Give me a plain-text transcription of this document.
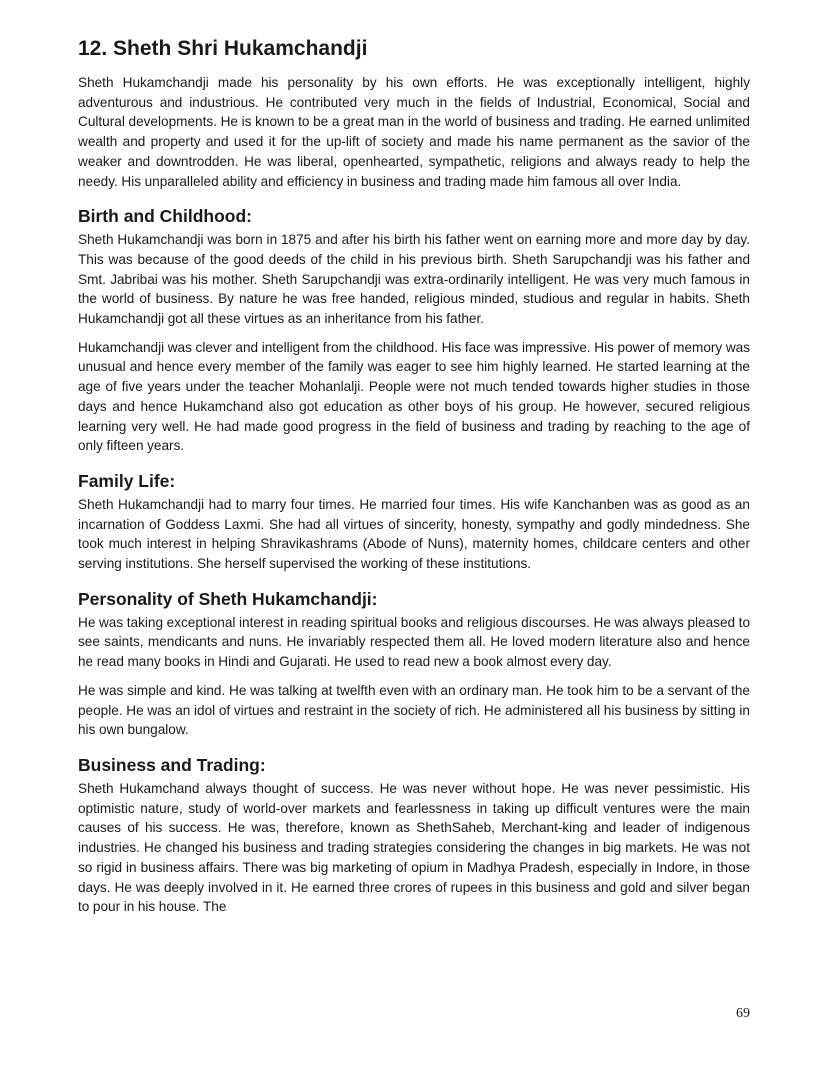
12. Sheth Shri Hukamchandji

Sheth Hukamchandji made his personality by his own efforts. He was exceptionally intelligent, highly adventurous and industrious. He contributed very much in the fields of Industrial, Economical, Social and Cultural developments. He is known to be a great man in the world of business and trading. He earned unlimited wealth and property and used it for the up-lift of society and made his name permanent as the savior of the weaker and downtrodden. He was liberal, openhearted, sympathetic, religions and always ready to help the needy. His unparalleled ability and efficiency in business and trading made him famous all over India.

Birth and Childhood:

Sheth Hukamchandji was born in 1875 and after his birth his father went on earning more and more day by day. This was because of the good deeds of the child in his previous birth. Sheth Sarupchandji was his father and Smt. Jabribai was his mother. Sheth Sarupchandji was extra-ordinarily intelligent. He was very much famous in the world of business. By nature he was free handed, religious minded, studious and regular in habits. Sheth Hukamchandji got all these virtues as an inheritance from his father.

Hukamchandji was clever and intelligent from the childhood. His face was impressive. His power of memory was unusual and hence every member of the family was eager to see him highly learned. He started learning at the age of five years under the teacher Mohanlalji. People were not much tended towards higher studies in those days and hence Hukamchand also got education as other boys of his group. He however, secured religious learning very well. He had made good progress in the field of business and trading by reaching to the age of only fifteen years.

Family Life:

Sheth Hukamchandji had to marry four times. He married four times. His wife Kanchanben was as good as an incarnation of Goddess Laxmi. She had all virtues of sincerity, honesty, sympathy and godly mindedness. She took much interest in helping Shravikashrams (Abode of Nuns), maternity homes, childcare centers and other serving institutions. She herself supervised the working of these institutions.

Personality of Sheth Hukamchandji:

He was taking exceptional interest in reading spiritual books and religious discourses. He was always pleased to see saints, mendicants and nuns. He invariably respected them all. He loved modern literature also and hence he read many books in Hindi and Gujarati. He used to read new a book almost every day.

He was simple and kind. He was talking at twelfth even with an ordinary man. He took him to be a servant of the people. He was an idol of virtues and restraint in the society of rich. He administered all his business by sitting in his own bungalow.

Business and Trading:

Sheth Hukamchand always thought of success. He was never without hope. He was never pessimistic. His optimistic nature, study of world-over markets and fearlessness in taking up difficult ventures were the main causes of his success. He was, therefore, known as ShethSaheb, Merchant-king and leader of indigenous industries. He changed his business and trading strategies considering the changes in big markets. He was not so rigid in business affairs. There was big marketing of opium in Madhya Pradesh, especially in Indore, in those days. He was deeply involved in it. He earned three crores of rupees in this business and gold and silver began to pour in his house. The

69
